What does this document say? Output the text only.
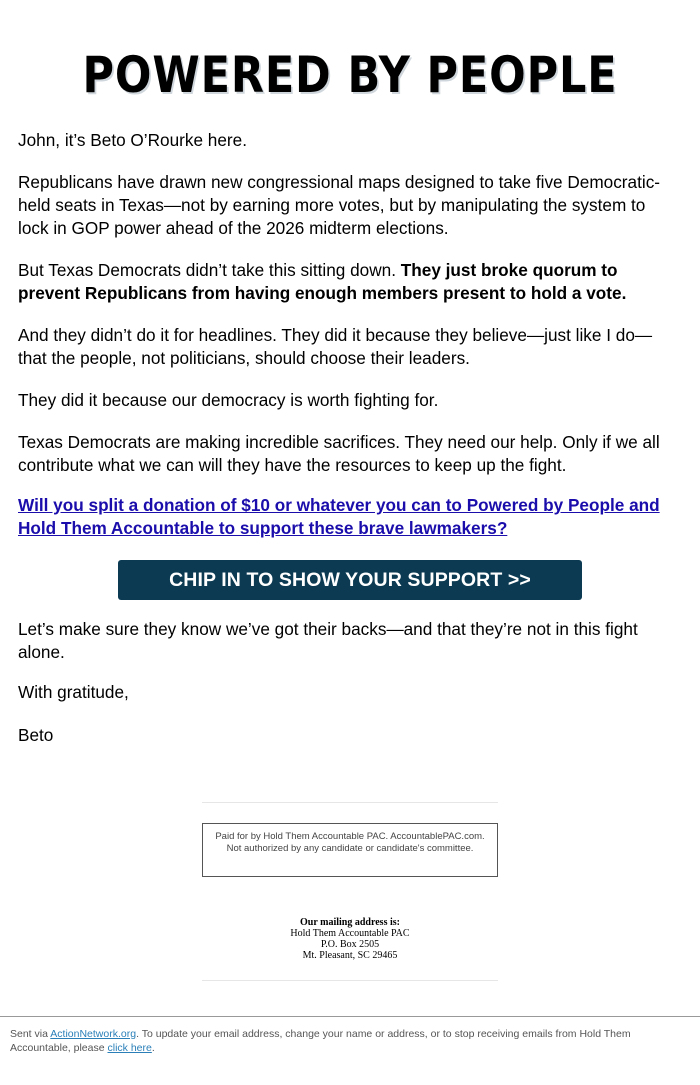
POWERED BY PEOPLE

John, it’s Beto O’Rourke here.

Republicans have drawn new congressional maps designed to take five Democratic-held seats in Texas—not by earning more votes, but by manipulating the system to lock in GOP power ahead of the 2026 midterm elections.

But Texas Democrats didn’t take this sitting down. They just broke quorum to prevent Republicans from having enough members present to hold a vote.

And they didn’t do it for headlines. They did it because they believe—just like I do—that the people, not politicians, should choose their leaders.

They did it because our democracy is worth fighting for.

Texas Democrats are making incredible sacrifices. They need our help. Only if we all contribute what we can will they have the resources to keep up the fight.

Will you split a donation of $10 or whatever you can to Powered by People and Hold Them Accountable to support these brave lawmakers?

CHIP IN TO SHOW YOUR SUPPORT >>

Let’s make sure they know we’ve got their backs—and that they’re not in this fight alone.

With gratitude,

Beto

Paid for by Hold Them Accountable PAC. AccountablePAC.com. Not authorized by any candidate or candidate's committee.
Our mailing address is:
Hold Them Accountable PAC
P.O. Box 2505
Mt. Pleasant, SC 29465
Sent via ActionNetwork.org. To update your email address, change your name or address, or to stop receiving emails from Hold Them Accountable, please click here.
